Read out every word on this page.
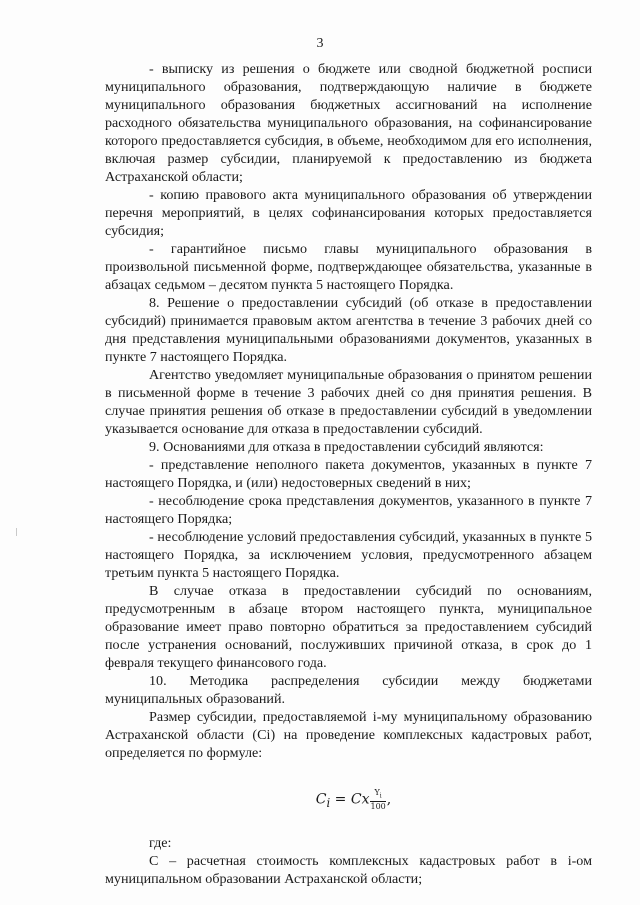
3

- выписку из решения о бюджете или сводной бюджетной росписи муниципального образования, подтверждающую наличие в бюджете муниципального образования бюджетных ассигнований на исполнение расходного обязательства муниципального образования, на софинансирование которого предоставляется субсидия, в объеме, необходимом для его исполнения, включая размер субсидии, планируемой к предоставлению из бюджета Астраханской области;

- копию правового акта муниципального образования об утверждении перечня мероприятий, в целях софинансирования которых предоставляется субсидия;

- гарантийное письмо главы муниципального образования в произвольной письменной форме, подтверждающее обязательства, указанные в абзацах седьмом – десятом пункта 5 настоящего Порядка.

8. Решение о предоставлении субсидий (об отказе в предоставлении субсидий) принимается правовым актом агентства в течение 3 рабочих дней со дня представления муниципальными образованиями документов, указанных в пункте 7 настоящего Порядка.

Агентство уведомляет муниципальные образования о принятом решении в письменной форме в течение 3 рабочих дней со дня принятия решения. В случае принятия решения об отказе в предоставлении субсидий в уведомлении указывается основание для отказа в предоставлении субсидий.

9. Основаниями для отказа в предоставлении субсидий являются:

- представление неполного пакета документов, указанных в пункте 7 настоящего Порядка, и (или) недостоверных сведений в них;

- несоблюдение срока представления документов, указанного в пункте 7 настоящего Порядка;

- несоблюдение условий предоставления субсидий, указанных в пункте 5 настоящего Порядка, за исключением условия, предусмотренного абзацем третьим пункта 5 настоящего Порядка.

В случае отказа в предоставлении субсидий по основаниям, предусмотренным в абзаце втором настоящего пункта, муниципальное образование имеет право повторно обратиться за предоставлением субсидий после устранения оснований, послуживших причиной отказа, в срок до 1 февраля текущего финансового года.

10. Методика распределения субсидии между бюджетами муниципальных образований.

Размер субсидии, предоставляемой i-му муниципальному образованию Астраханской области (Ci) на проведение комплексных кадастровых работ, определяется по формуле:

$C_i = Cx \frac{Y_i}{100}$ ,

где:

С – расчетная стоимость комплексных кадастровых работ в i-ом муниципальном образовании Астраханской области;
